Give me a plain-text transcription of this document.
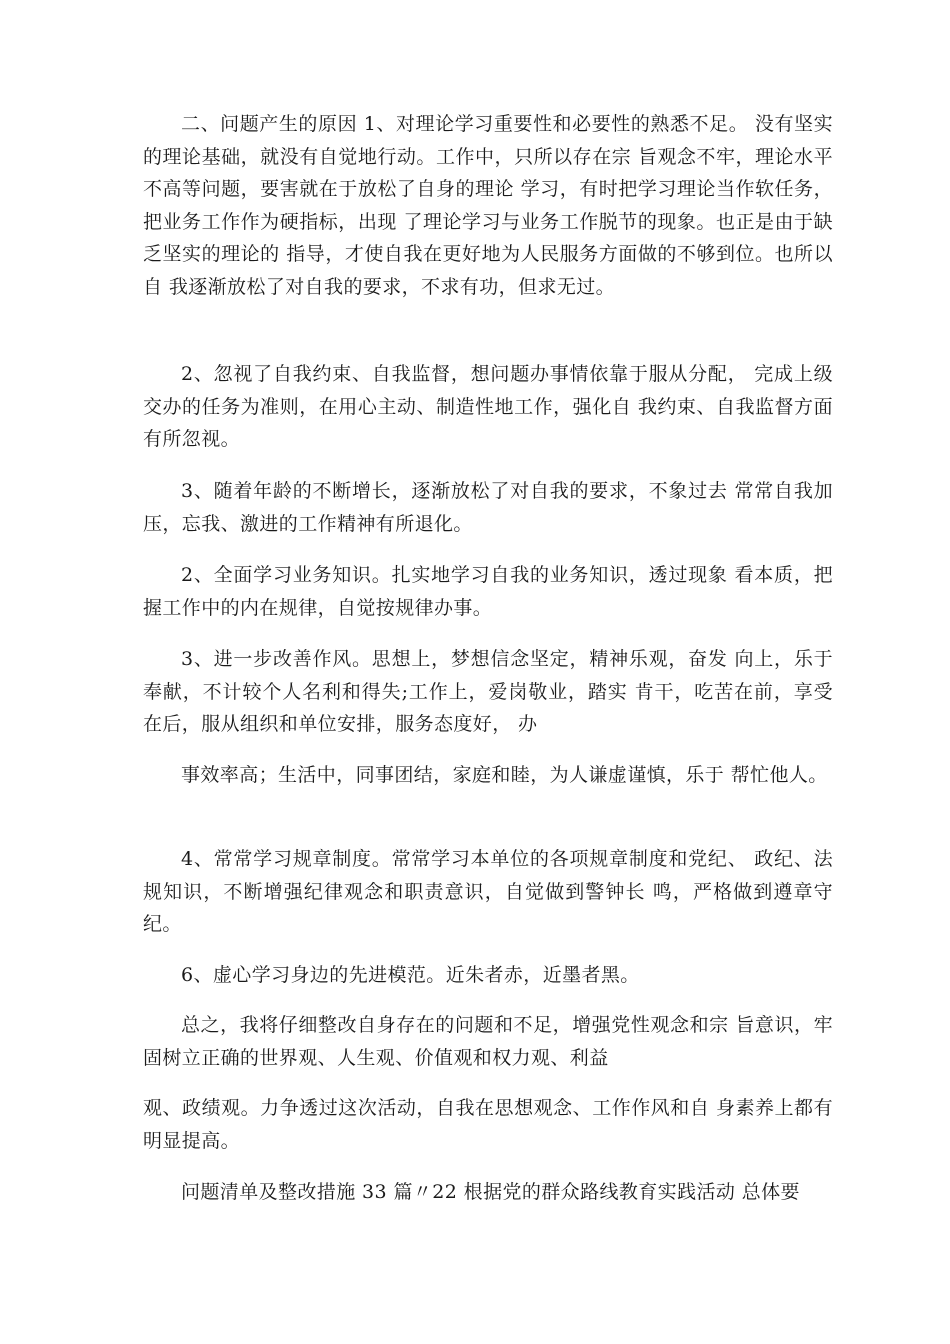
二、问题产生的原因 1、对理论学习重要性和必要性的熟悉不足。 没有坚实的理论基础，就没有自觉地行动。工作中，只所以存在宗 旨观念不牢，理论水平不高等问题，要害就在于放松了自身的理论 学习，有时把学习理论当作软任务，把业务工作作为硬指标，出现 了理论学习与业务工作脱节的现象。也正是由于缺乏坚实的理论的 指导，才使自我在更好地为人民服务方面做的不够到位。也所以自 我逐渐放松了对自我的要求，不求有功，但求无过。

2、忽视了自我约束、自我监督，想问题办事情依靠于服从分配， 完成上级交办的任务为准则，在用心主动、制造性地工作，强化自 我约束、自我监督方面有所忽视。

3、随着年龄的不断增长，逐渐放松了对自我的要求，不象过去 常常自我加压，忘我、激进的工作精神有所退化。

2、全面学习业务知识。扎实地学习自我的业务知识，透过现象 看本质，把握工作中的内在规律，自觉按规律办事。

3、进一步改善作风。思想上，梦想信念坚定，精神乐观，奋发 向上，乐于奉献，不计较个人名利和得失;工作上，爱岗敬业，踏实 肯干，吃苦在前，享受在后，服从组织和单位安排，服务态度好， 办

事效率高；生活中，同事团结，家庭和睦，为人谦虚谨慎，乐于 帮忙他人。

4、常常学习规章制度。常常学习本单位的各项规章制度和党纪、 政纪、法规知识，不断增强纪律观念和职责意识，自觉做到警钟长 鸣，严格做到遵章守纪。

6、虚心学习身边的先进模范。近朱者赤，近墨者黑。

总之，我将仔细整改自身存在的问题和不足，增强党性观念和宗 旨意识，牢固树立正确的世界观、人生观、价值观和权力观、利益

观、政绩观。力争透过这次活动，自我在思想观念、工作作风和自 身素养上都有明显提高。

问题清单及整改措施 33 篇〃22 根据党的群众路线教育实践活动 总体要
